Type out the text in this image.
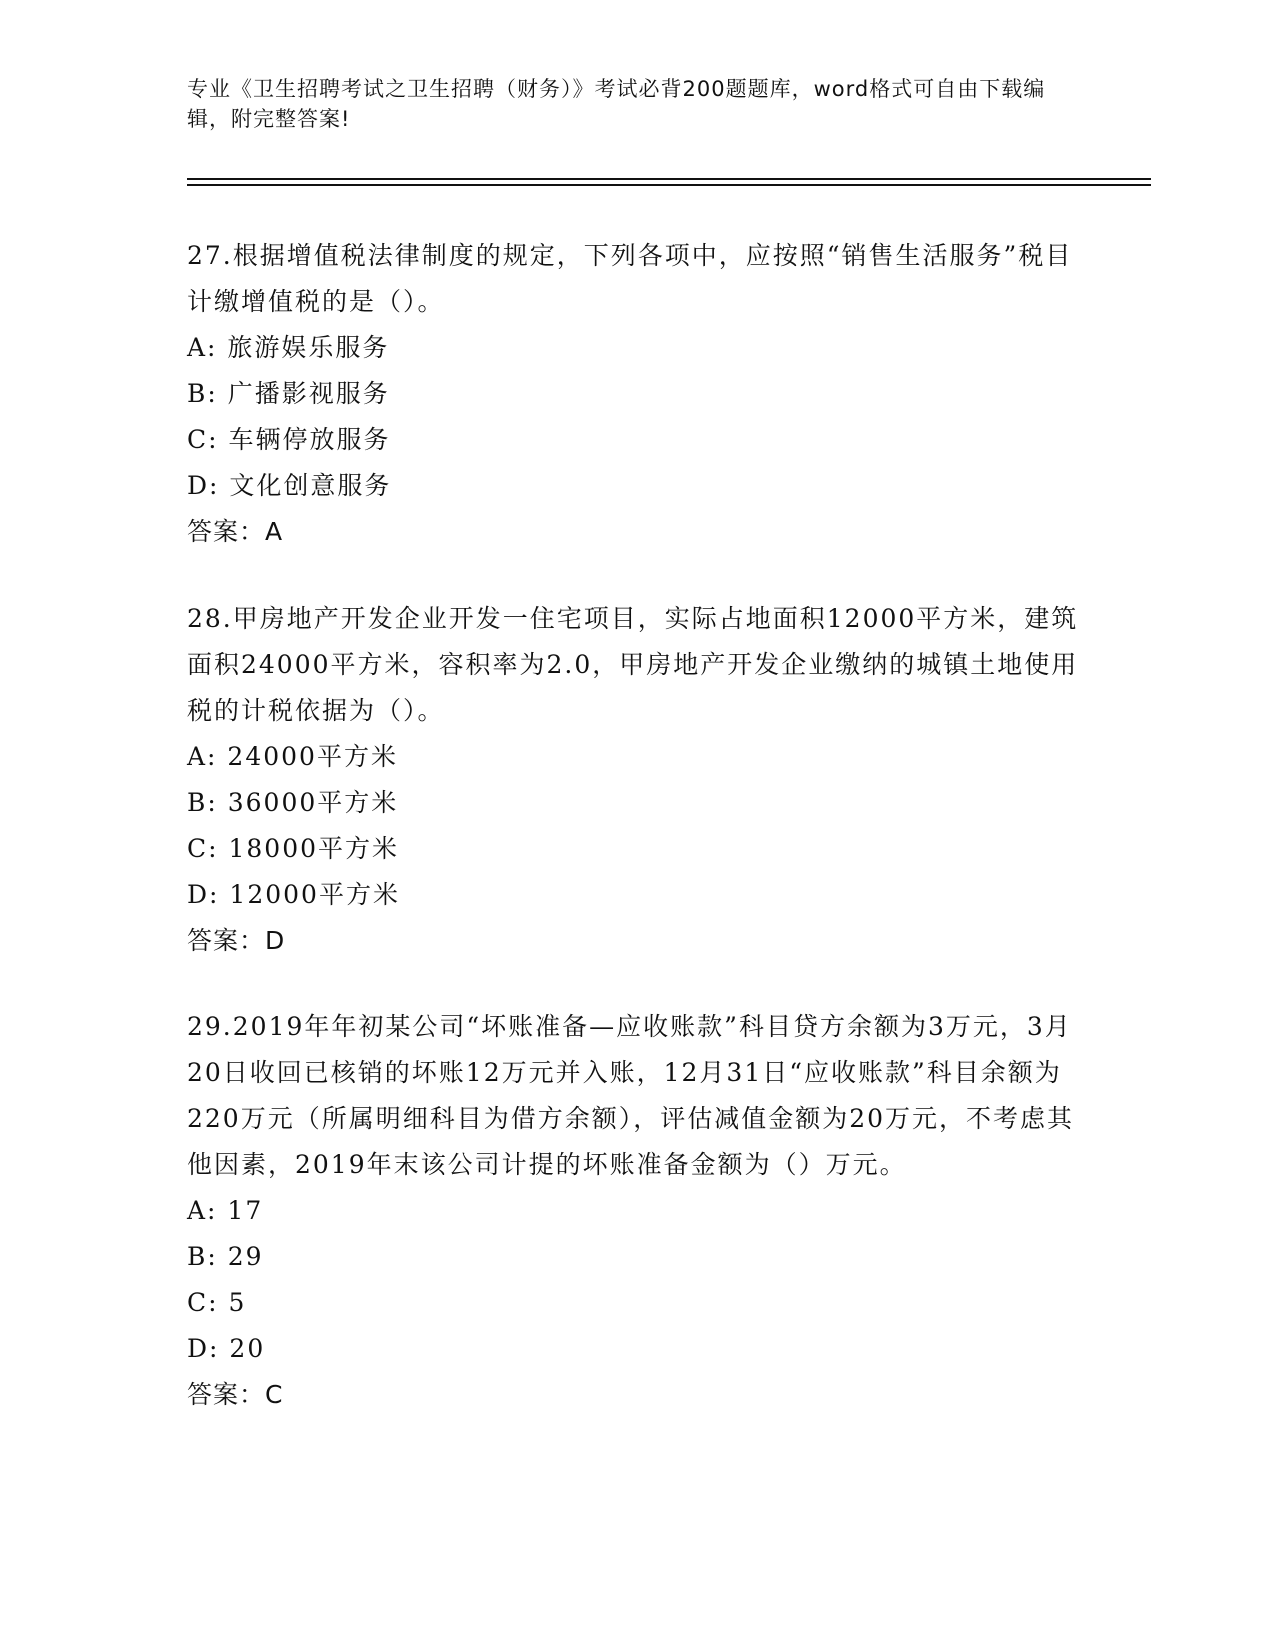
专业《卫生招聘考试之卫生招聘（财务）》考试必背200题题库，word格式可自由下载编辑，附完整答案!

27.根据增值税法律制度的规定，下列各项中，应按照“销售生活服务”税目计缴增值税的是（）。

A: 旅游娱乐服务

B: 广播影视服务

C: 车辆停放服务

D: 文化创意服务

答案：A

28.甲房地产开发企业开发一住宅项目，实际占地面积12000平方米，建筑面积24000平方米，容积率为2.0，甲房地产开发企业缴纳的城镇土地使用税的计税依据为（）。

A: 24000平方米

B: 36000平方米

C: 18000平方米

D: 12000平方米

答案：D

29.2019年年初某公司“坏账准备—应收账款”科目贷方余额为3万元，3月20日收回已核销的坏账12万元并入账，12月31日“应收账款”科目余额为220万元（所属明细科目为借方余额），评估减值金额为20万元，不考虑其他因素，2019年末该公司计提的坏账准备金额为（）万元。

A: 17

B: 29

C: 5

D: 20

答案：C
